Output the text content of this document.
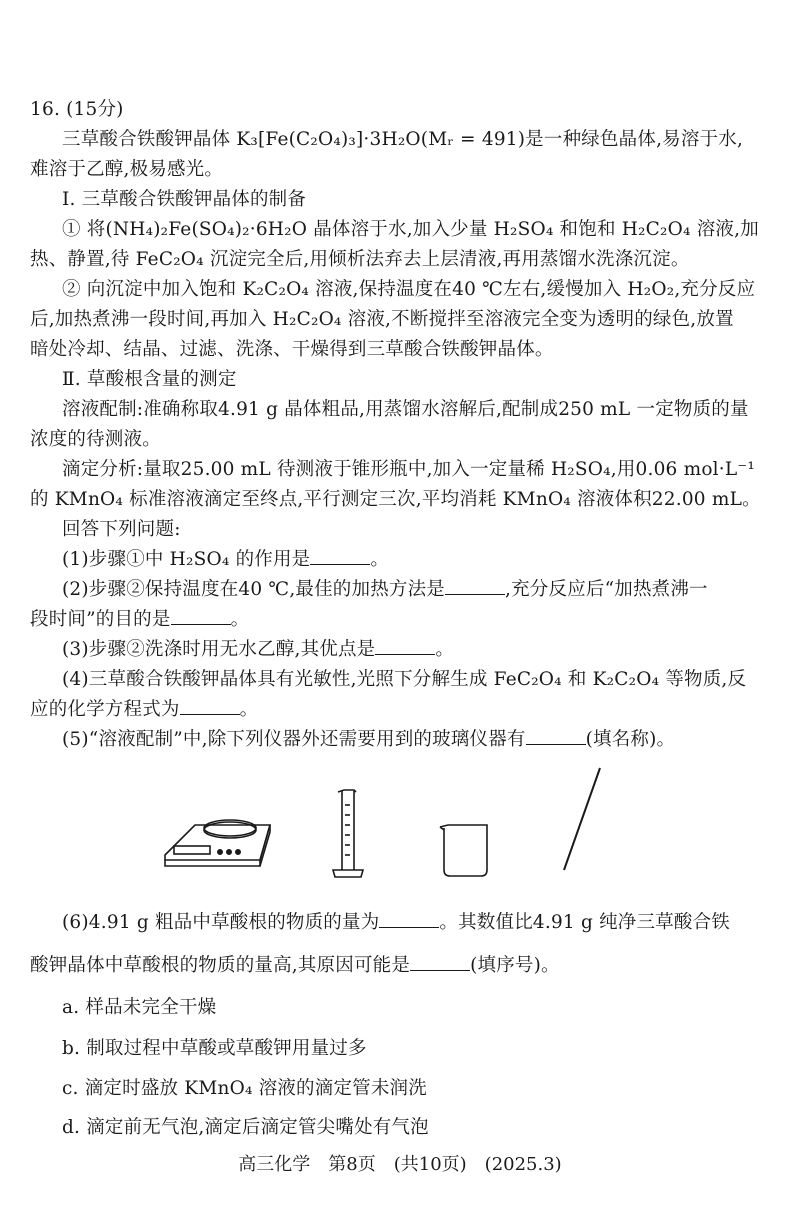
16. (15分)
三草酸合铁酸钾晶体 K₃[Fe(C₂O₄)₃]·3H₂O(Mᵣ = 491)是一种绿色晶体,易溶于水,
难溶于乙醇,极易感光。
Ⅰ. 三草酸合铁酸钾晶体的制备
① 将(NH₄)₂Fe(SO₄)₂·6H₂O 晶体溶于水,加入少量 H₂SO₄ 和饱和 H₂C₂O₄ 溶液,加
热、静置,待 FeC₂O₄ 沉淀完全后,用倾析法弃去上层清液,再用蒸馏水洗涤沉淀。
② 向沉淀中加入饱和 K₂C₂O₄ 溶液,保持温度在40 ℃左右,缓慢加入 H₂O₂,充分反应
后,加热煮沸一段时间,再加入 H₂C₂O₄ 溶液,不断搅拌至溶液完全变为透明的绿色,放置
暗处冷却、结晶、过滤、洗涤、干燥得到三草酸合铁酸钾晶体。
Ⅱ. 草酸根含量的测定
溶液配制:准确称取4.91 g 晶体粗品,用蒸馏水溶解后,配制成250 mL 一定物质的量
浓度的待测液。
滴定分析:量取25.00 mL 待测液于锥形瓶中,加入一定量稀 H₂SO₄,用0.06 mol·L⁻¹
的 KMnO₄ 标准溶液滴定至终点,平行测定三次,平均消耗 KMnO₄ 溶液体积22.00 mL。
回答下列问题:
(1)步骤①中 H₂SO₄ 的作用是	。
(2)步骤②保持温度在40 ℃,最佳的加热方法是	,充分反应后“加热煮沸一
段时间”的目的是	。
(3)步骤②洗涤时用无水乙醇,其优点是	。
(4)三草酸合铁酸钾晶体具有光敏性,光照下分解生成 FeC₂O₄ 和 K₂C₂O₄ 等物质,反
应的化学方程式为	。
(5)“溶液配制”中,除下列仪器外还需要用到的玻璃仪器有	(填名称)。
(6)4.91 g 粗品中草酸根的物质的量为	。其数值比4.91 g 纯净三草酸合铁
酸钾晶体中草酸根的物质的量高,其原因可能是	(填序号)。
a. 样品未完全干燥
b. 制取过程中草酸或草酸钾用量过多
c. 滴定时盛放 KMnO₄ 溶液的滴定管未润洗
d. 滴定前无气泡,滴定后滴定管尖嘴处有气泡
高三化学　第8页　(共10页)　(2025.3)
